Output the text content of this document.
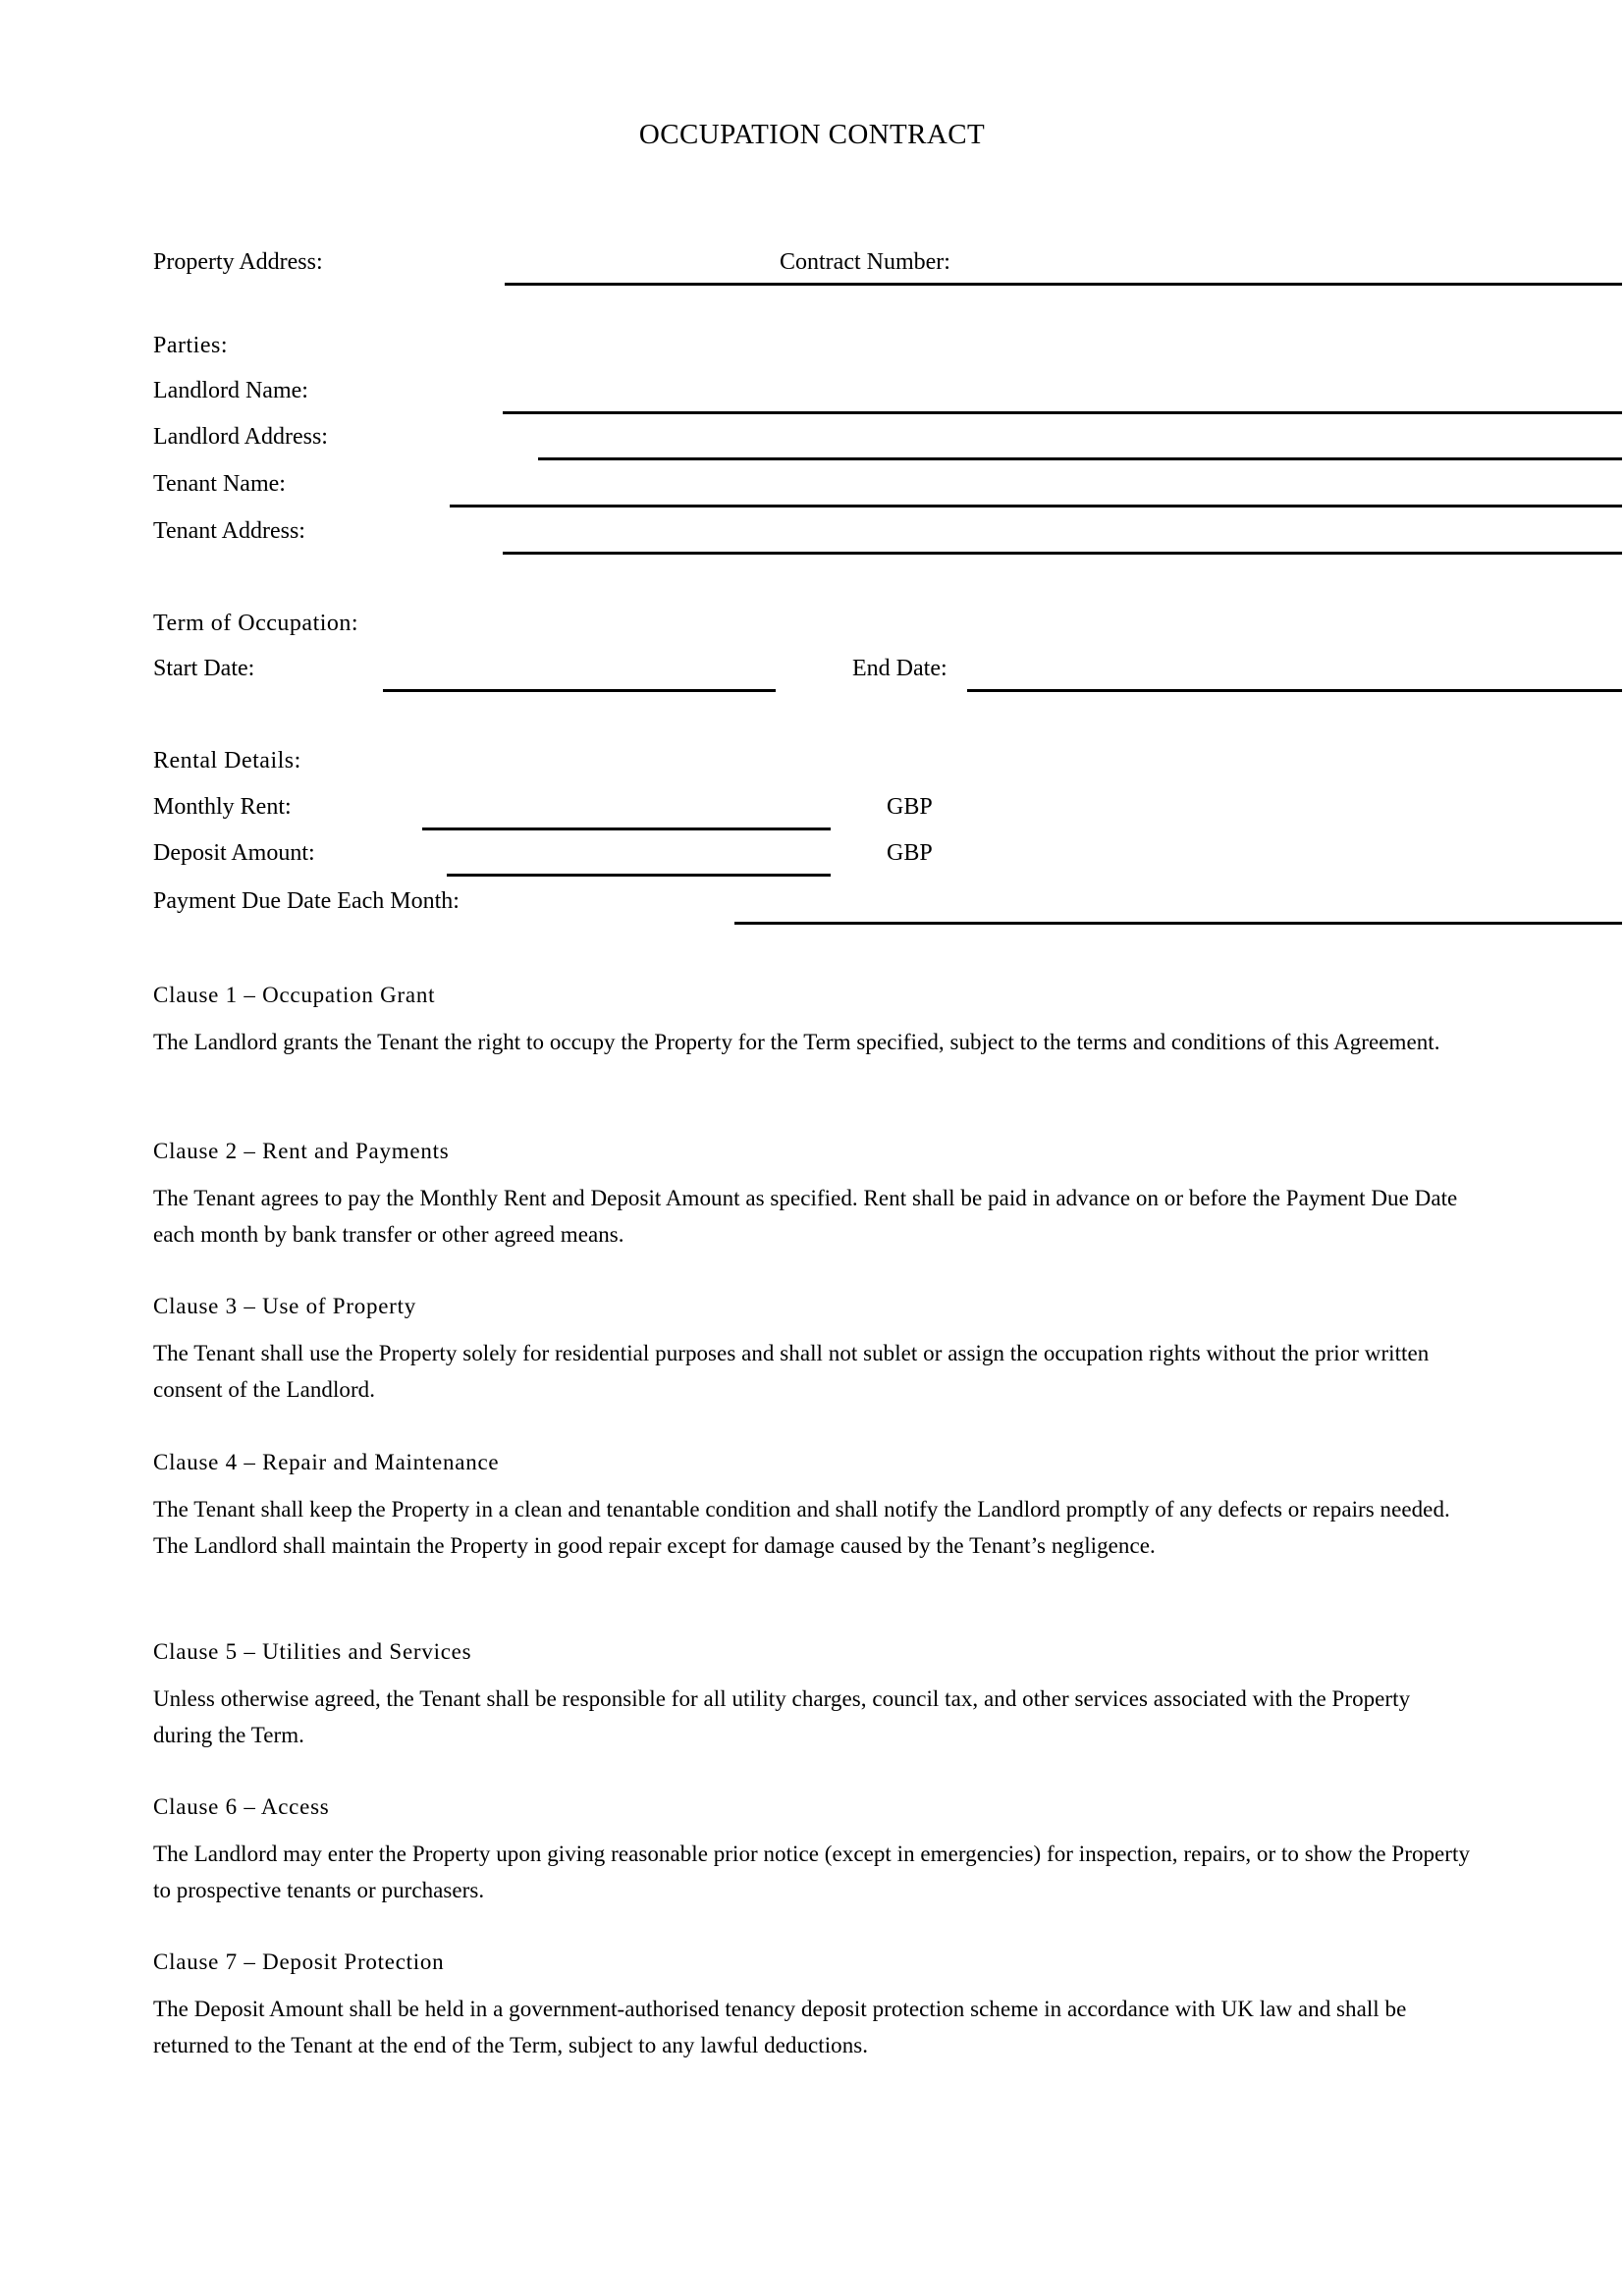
OCCUPATION CONTRACT
Property Address:	Contract Number:
Parties:
Landlord Name:
Landlord Address:
Tenant Name:
Tenant Address:
Term of Occupation:
Start Date:	End Date:
Rental Details:
Monthly Rent:	GBP
Deposit Amount:	GBP
Payment Due Date Each Month:

Clause 1 – Occupation Grant

The Landlord grants the Tenant the right to occupy the Property for the Term specified, subject to the terms and conditions of this Agreement.

Clause 2 – Rent and Payments

The Tenant agrees to pay the Monthly Rent and Deposit Amount as specified. Rent shall be paid in advance on or before the Payment Due Date each month by bank transfer or other agreed means.

Clause 3 – Use of Property

The Tenant shall use the Property solely for residential purposes and shall not sublet or assign the occupation rights without the prior written consent of the Landlord.

Clause 4 – Repair and Maintenance

The Tenant shall keep the Property in a clean and tenantable condition and shall notify the Landlord promptly of any defects or repairs needed. The Landlord shall maintain the Property in good repair except for damage caused by the Tenant’s negligence.

Clause 5 – Utilities and Services

Unless otherwise agreed, the Tenant shall be responsible for all utility charges, council tax, and other services associated with the Property during the Term.

Clause 6 – Access

The Landlord may enter the Property upon giving reasonable prior notice (except in emergencies) for inspection, repairs, or to show the Property to prospective tenants or purchasers.

Clause 7 – Deposit Protection

The Deposit Amount shall be held in a government-authorised tenancy deposit protection scheme in accordance with UK law and shall be returned to the Tenant at the end of the Term, subject to any lawful deductions.
